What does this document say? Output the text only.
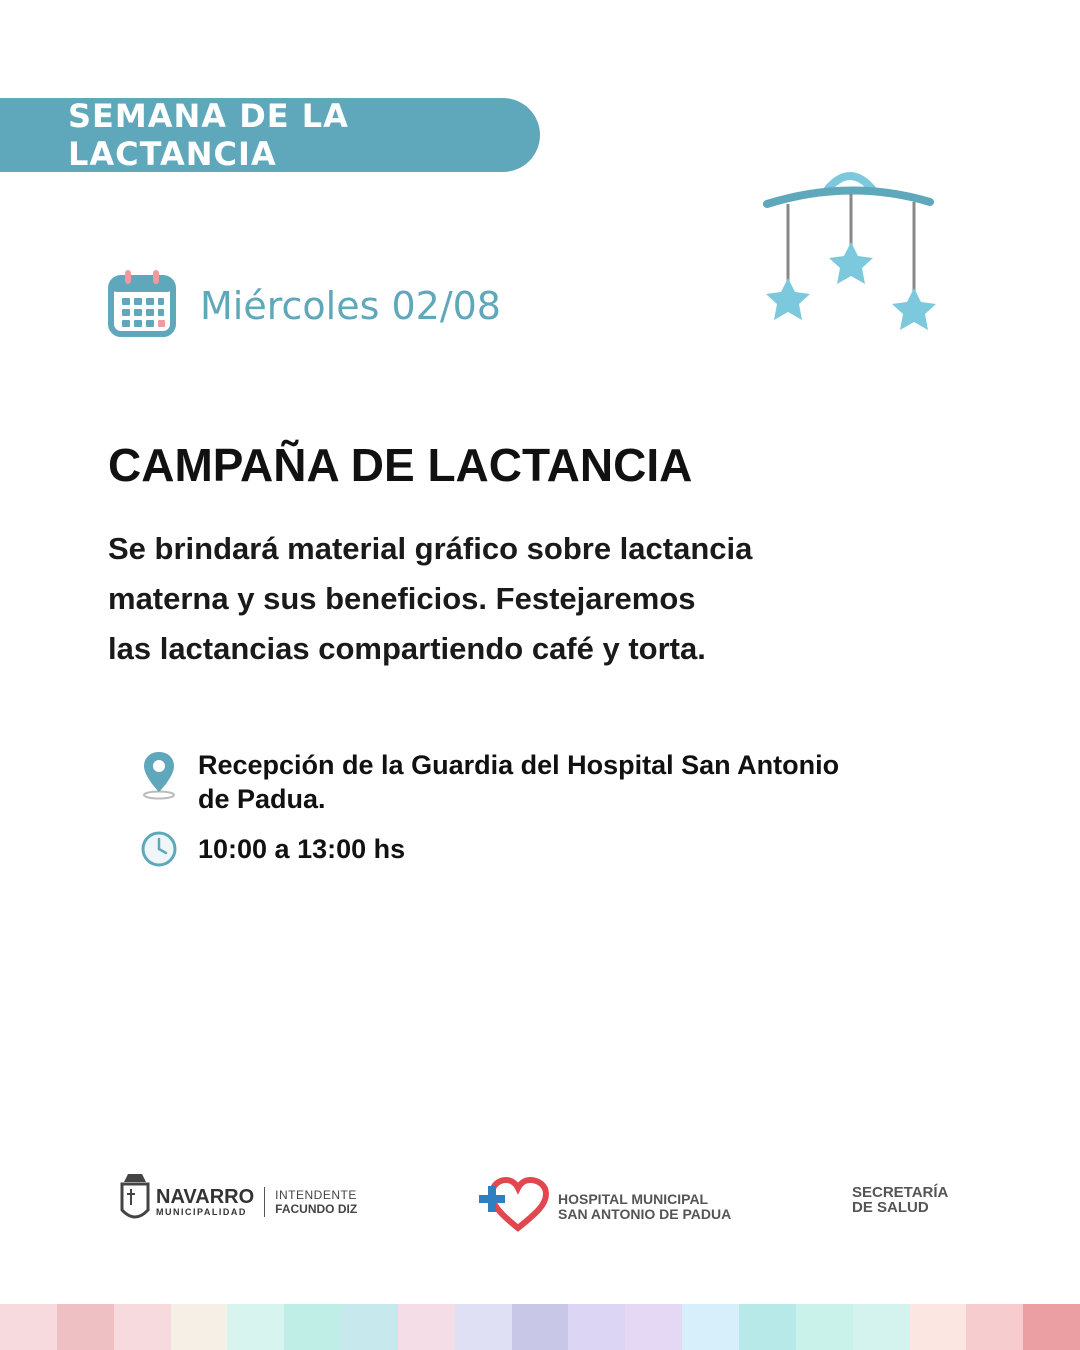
SEMANA DE LA LACTANCIA
Miércoles 02/08
CAMPAÑA DE LACTANCIA

Se brindará material gráfico sobre lactancia
materna y sus beneficios. Festejaremos
las lactancias compartiendo café y torta.

Recepción de la Guardia del Hospital San Antonio
de Padua.
10:00 a 13:00 hs
NAVARRO
MUNICIPALIDAD
INTENDENTE
FACUNDO DIZ
HOSPITAL MUNICIPAL
SAN ANTONIO DE PADUA
SECRETARÍA
DE SALUD
